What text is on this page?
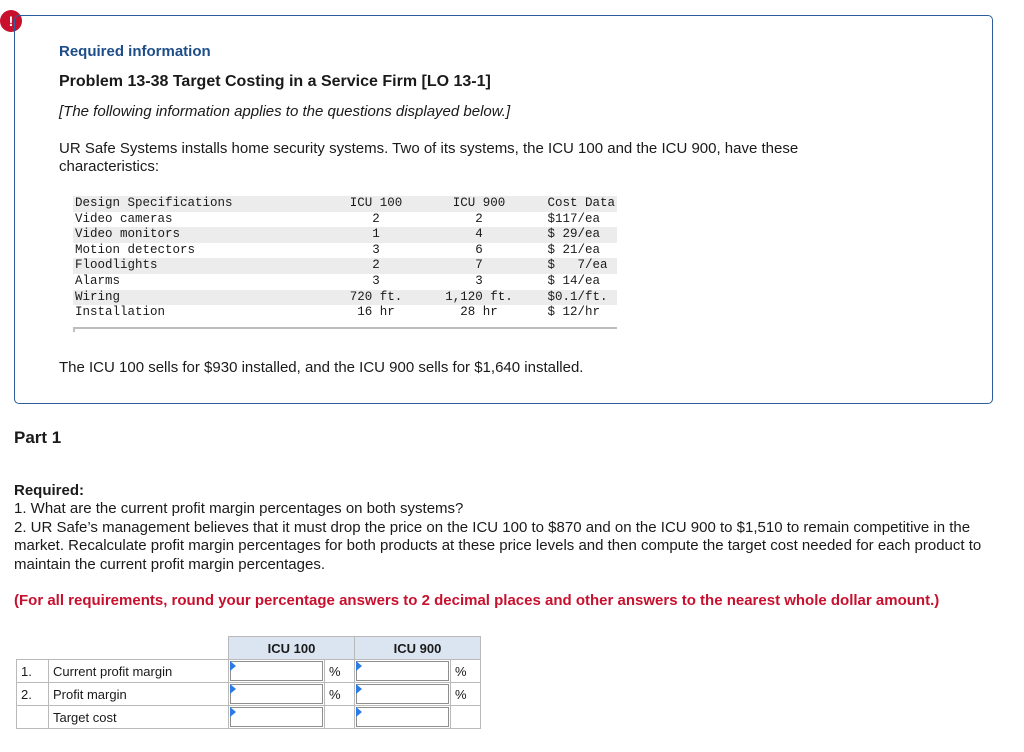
!
Required information
Problem 13-38 Target Costing in a Service Firm [LO 13-1]
[The following information applies to the questions displayed below.]
UR Safe Systems installs home security systems. Two of its systems, the ICU 100 and the ICU 900, have these characteristics:
Design Specifications	ICU 100	ICU 900	Cost Data
Video cameras	2	2	$117/ea
Video monitors	1	4	$ 29/ea
Motion detectors	3	6	$ 21/ea
Floodlights	2	7	$   7/ea
Alarms	3	3	$ 14/ea
Wiring	720 ft.	1,120 ft.	$0.1/ft.
Installation	16 hr	28 hr	$ 12/hr
The ICU 100 sells for $930 installed, and the ICU 900 sells for $1,640 installed.
Part 1
Required:
1. What are the current profit margin percentages on both systems?
2. UR Safe’s management believes that it must drop the price on the ICU 100 to $870 and on the ICU 900 to $1,510 to remain competitive in the market. Recalculate profit margin percentages for both products at these price levels and then compute the target cost needed for each product to maintain the current profit margin percentages.
(For all requirements, round your percentage answers to 2 decimal places and other answers to the nearest whole dollar amount.)
		ICU 100		ICU 900	
1.	Current profit margin		%		%
2.	Profit margin		%		%
	Target cost	
